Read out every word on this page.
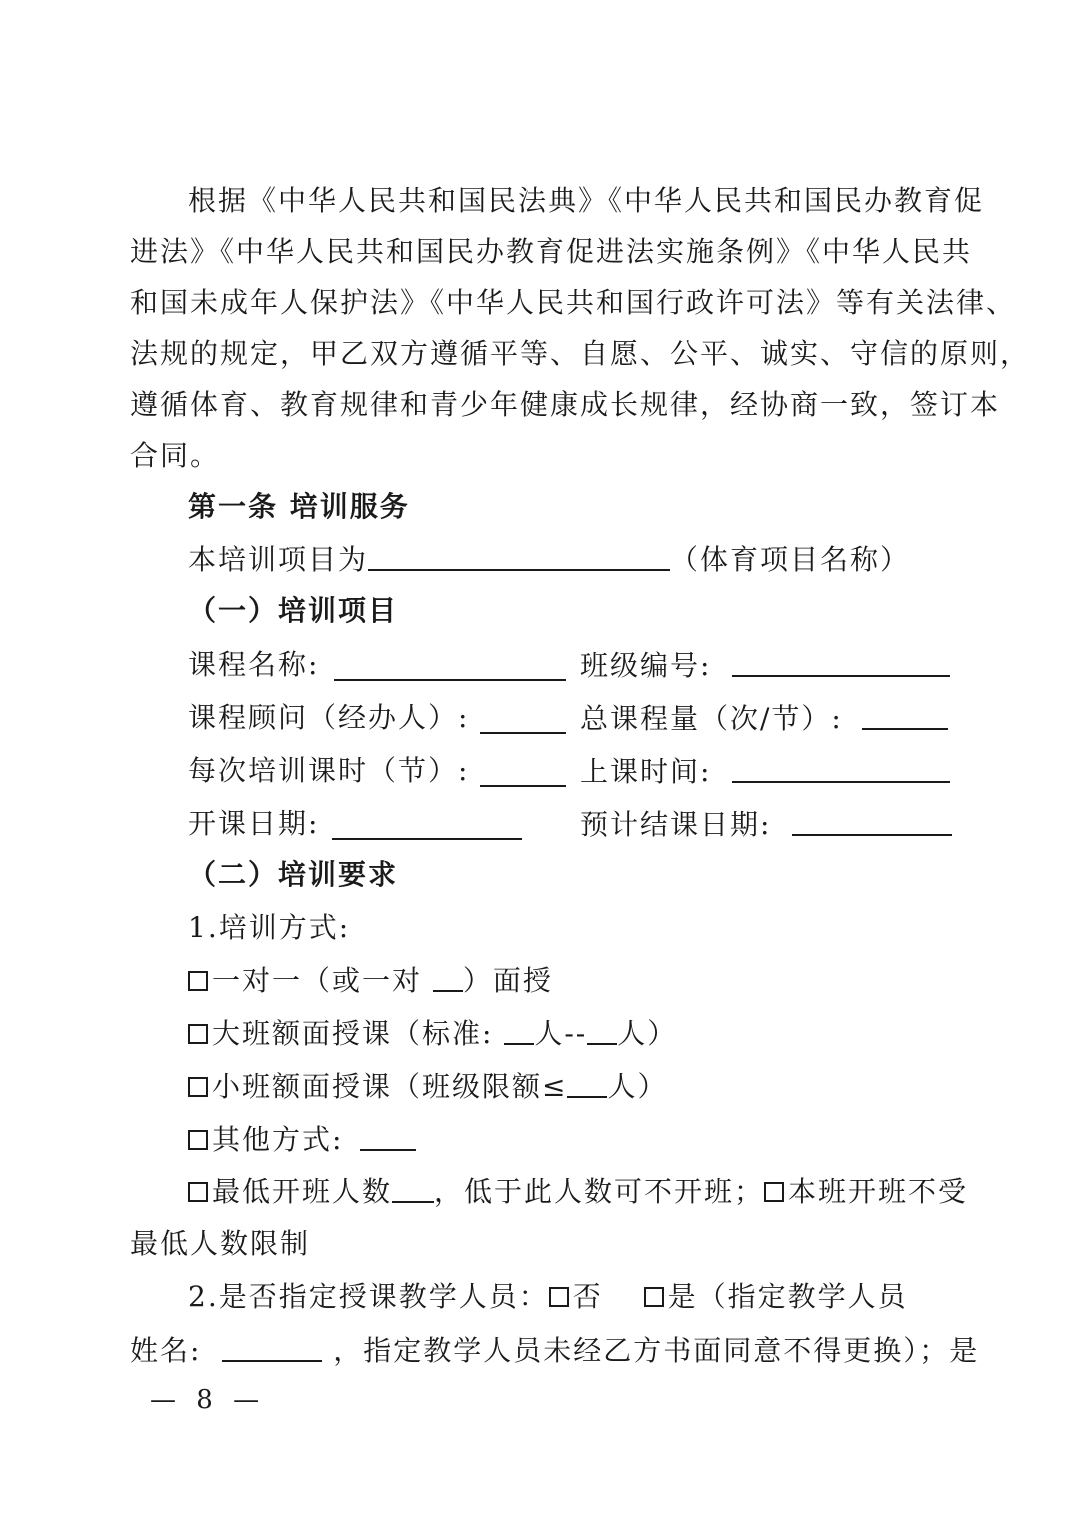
根据《中华人民共和国民法典》《中华人民共和国民办教育促
进法》《中华人民共和国民办教育促进法实施条例》《中华人民共
和国未成年人保护法》《中华人民共和国行政许可法》等有关法律、
法规的规定，甲乙双方遵循平等、自愿、公平、诚实、守信的原则，
遵循体育、教育规律和青少年健康成长规律，经协商一致，签订本
合同。
第一条 培训服务
本培训项目为	（体育项目名称）
（一）培训项目
课程名称:	班级编号:
课程顾问（经办人）:	总课程量（次/节）:
每次培训课时（节）:	上课时间:
开课日期:	预计结课日期:
（二）培训要求
1.培训方式:
一对一（或一对 ）面授
大班额面授课（标准: 人-- 人）
小班额面授课（班级限额≤ 人）
其他方式:
最低开班人数 ，低于此人数可不开班； 本班开班不受
最低人数限制
2.是否指定授课教学人员： 否 是（指定教学人员
姓名:	，指定教学人员未经乙方书面同意不得更换）；是
— 8 —
